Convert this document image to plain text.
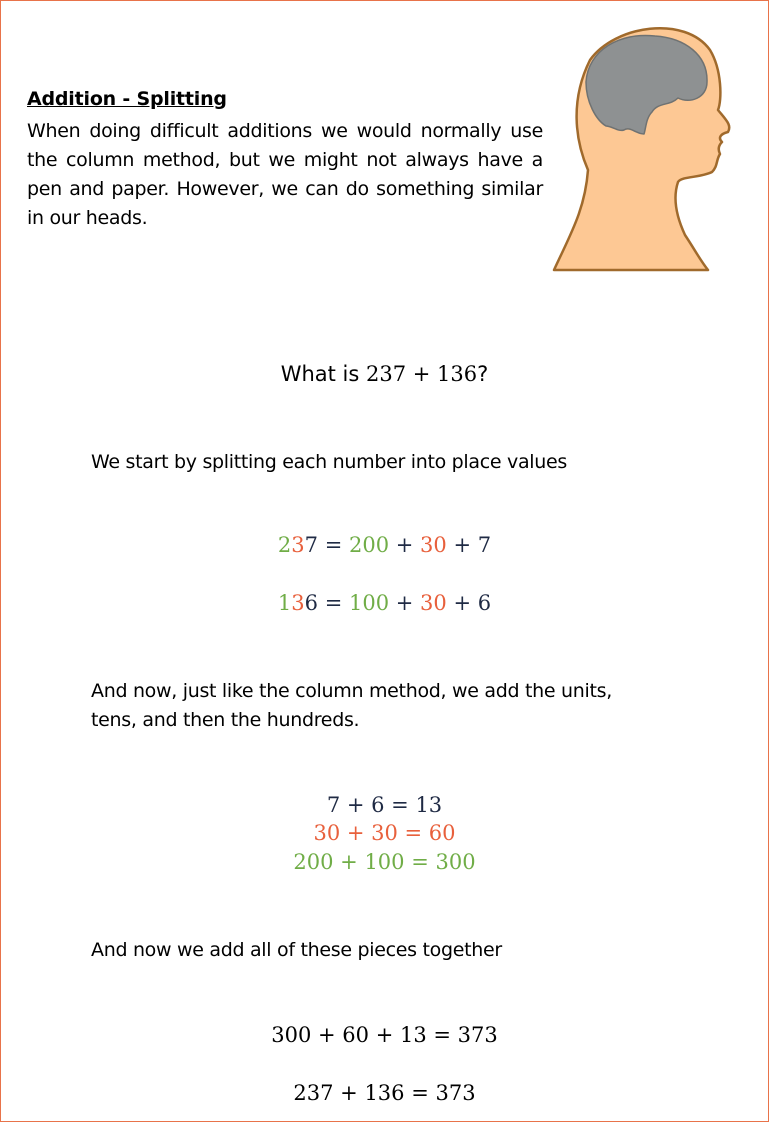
Addition - Splitting
When doing difficult additions we would normally use the column method, but we might not always have a pen and paper. However, we can do something similar in our heads.
What is 237 + 136?
We start by splitting each number into place values
237 = 200 + 30 + 7
136 = 100 + 30 + 6
And now, just like the column method, we add the units, tens, and then the hundreds.
7 + 6 = 13
30 + 30 = 60
200 + 100 = 300
And now we add all of these pieces together
300 + 60 + 13 = 373
237 + 136 = 373
